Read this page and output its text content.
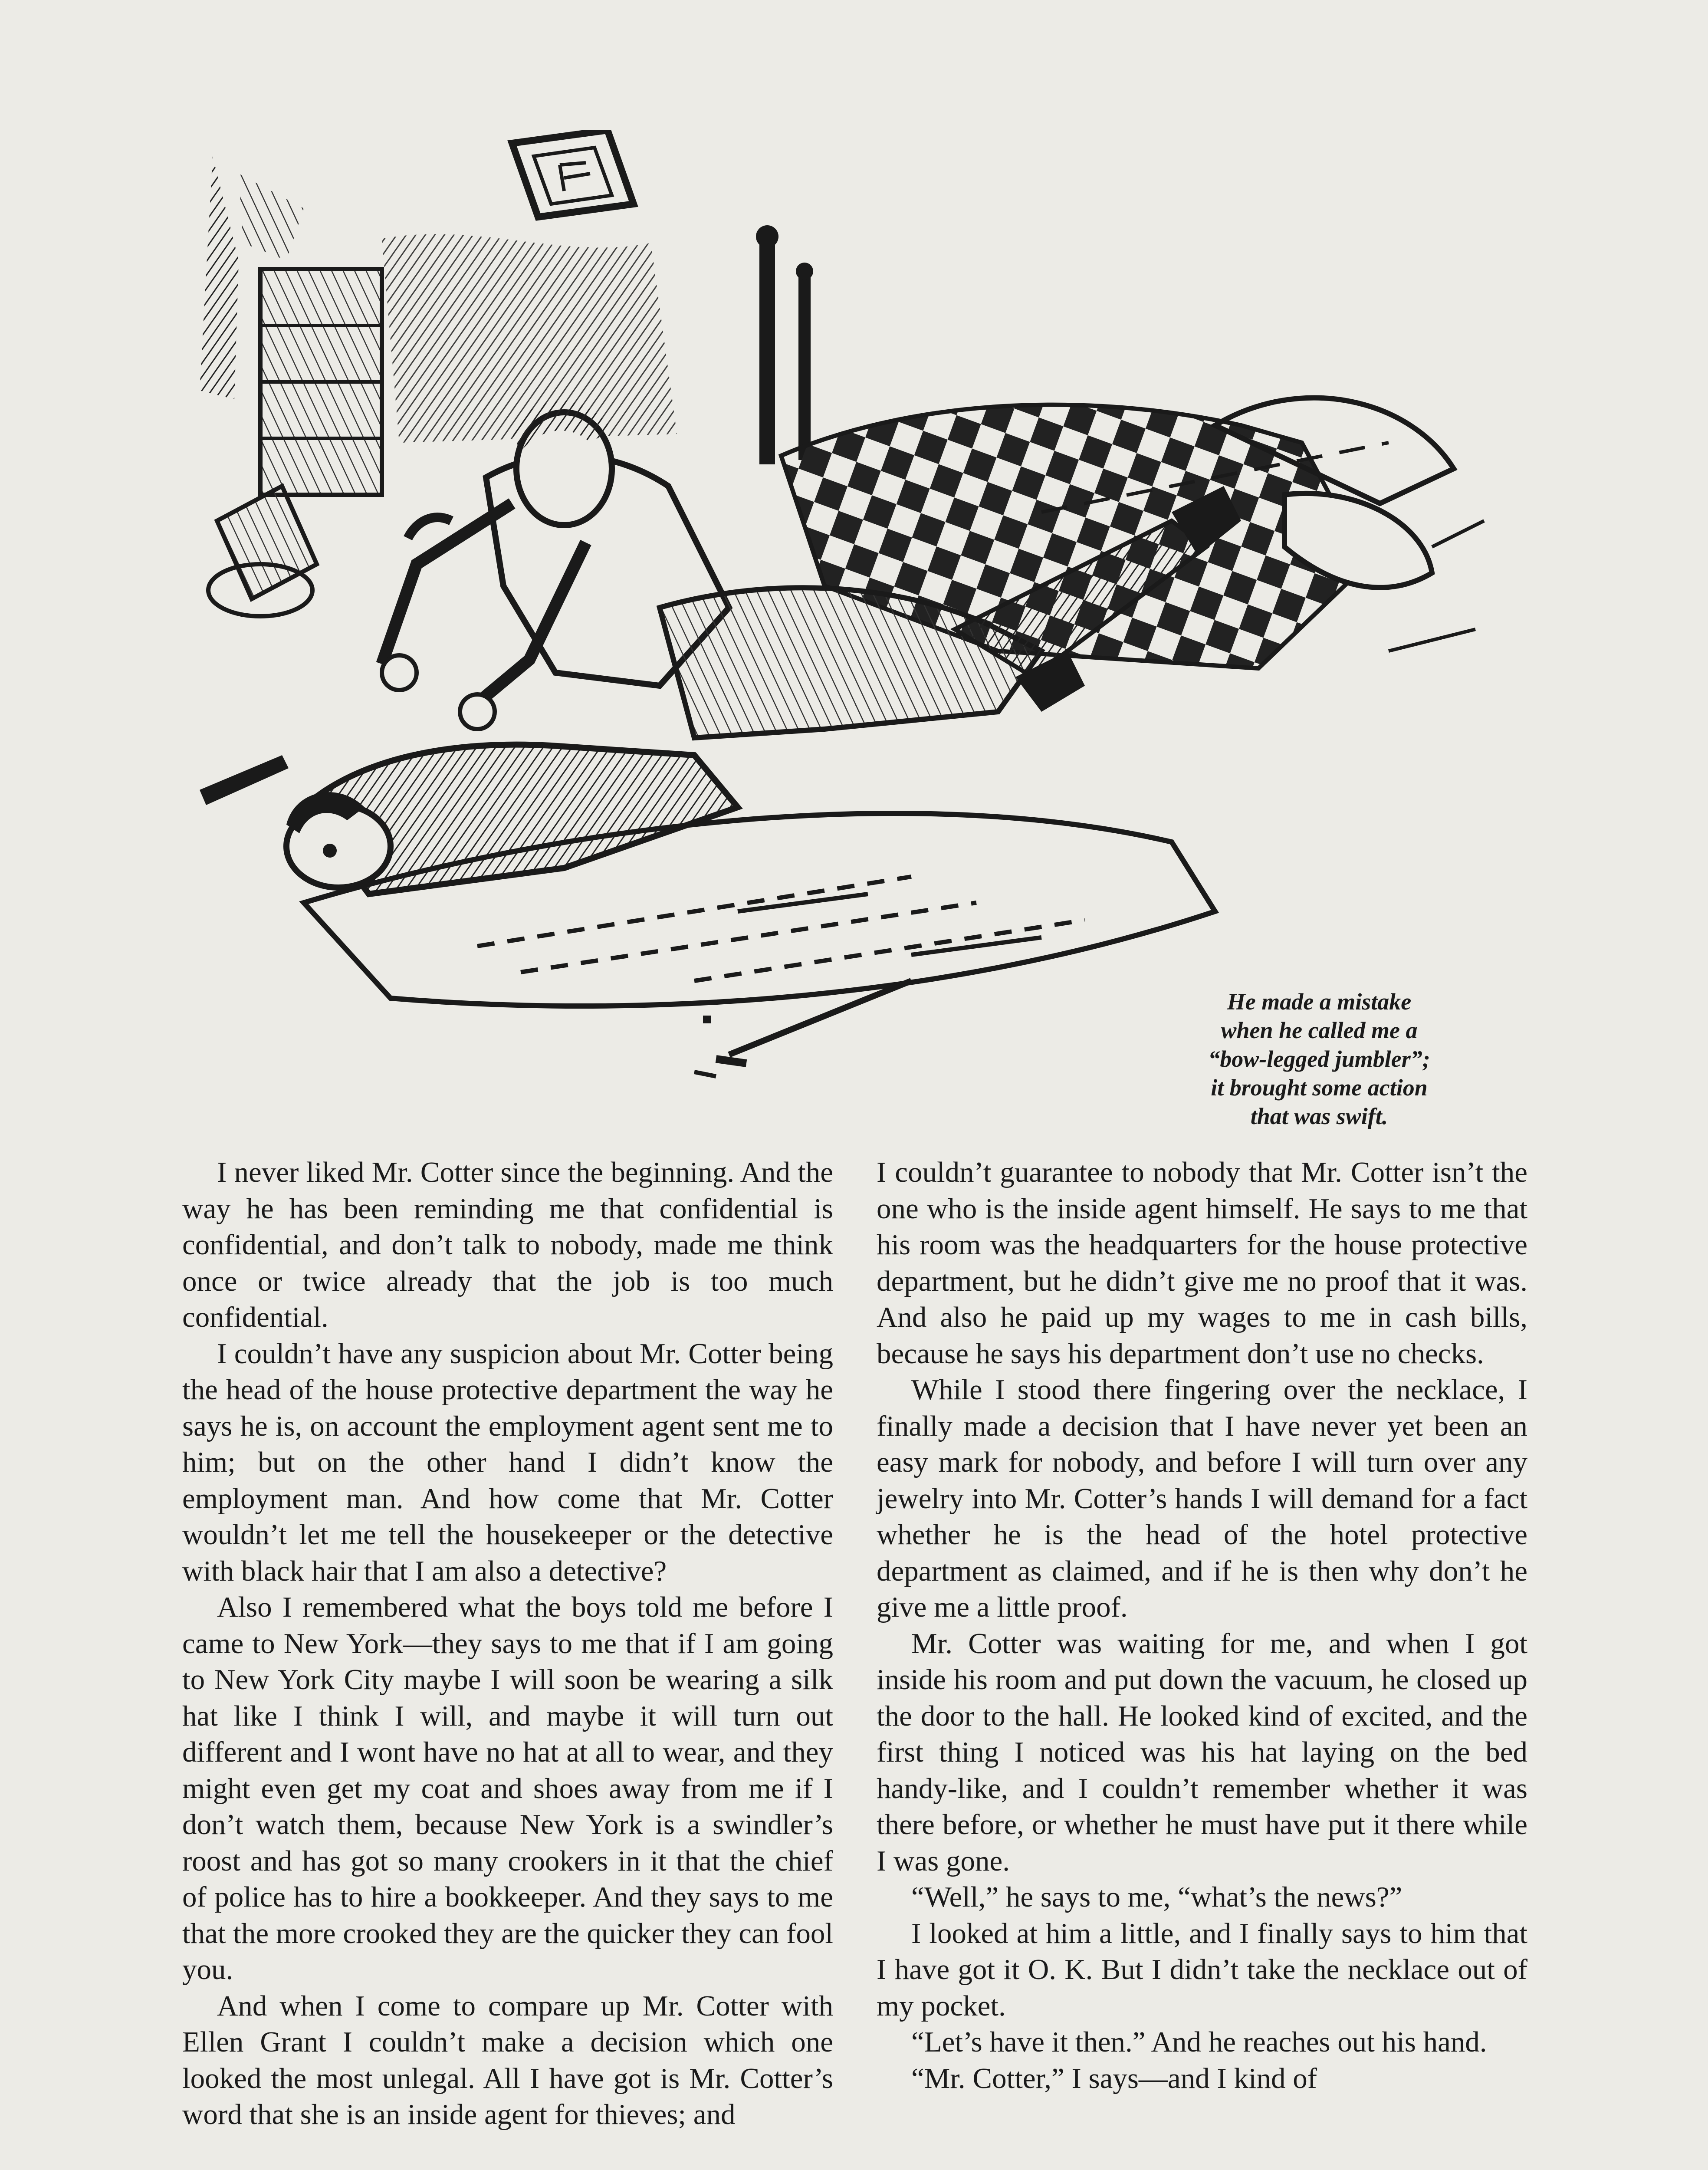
He made a mistake
when he called me a
“bow-legged jumbler”;
it brought some action
that was swift.

I never liked Mr. Cotter since the beginning. And the way he has been reminding me that confidential is confidential, and don’t talk to nobody, made me think once or twice already that the job is too much confidential.

I couldn’t have any suspicion about Mr. Cotter being the head of the house protective department the way he says he is, on account the employment agent sent me to him; but on the other hand I didn’t know the employment man. And how come that Mr. Cotter wouldn’t let me tell the housekeeper or the detective with black hair that I am also a detective?

Also I remembered what the boys told me before I came to New York—they says to me that if I am going to New York City maybe I will soon be wearing a silk hat like I think I will, and maybe it will turn out different and I wont have no hat at all to wear, and they might even get my coat and shoes away from me if I don’t watch them, because New York is a swindler’s roost and has got so many crookers in it that the chief of police has to hire a bookkeeper. And they says to me that the more crooked they are the quicker they can fool you.

And when I come to compare up Mr. Cotter with Ellen Grant I couldn’t make a decision which one looked the most unlegal. All I have got is Mr. Cotter’s word that she is an inside agent for thieves; and

I couldn’t guarantee to nobody that Mr. Cotter isn’t the one who is the inside agent himself. He says to me that his room was the headquarters for the house protective department, but he didn’t give me no proof that it was. And also he paid up my wages to me in cash bills, because he says his department don’t use no checks.

While I stood there fingering over the necklace, I finally made a decision that I have never yet been an easy mark for nobody, and before I will turn over any jewelry into Mr. Cotter’s hands I will demand for a fact whether he is the head of the hotel protective department as claimed, and if he is then why don’t he give me a little proof.

Mr. Cotter was waiting for me, and when I got inside his room and put down the vacuum, he closed up the door to the hall. He looked kind of excited, and the first thing I noticed was his hat laying on the bed handy-like, and I couldn’t remember whether it was there before, or whether he must have put it there while I was gone.

“Well,” he says to me, “what’s the news?”

I looked at him a little, and I finally says to him that I have got it O. K. But I didn’t take the necklace out of my pocket.

“Let’s have it then.” And he reaches out his hand.

“Mr. Cotter,” I says—and I kind of
